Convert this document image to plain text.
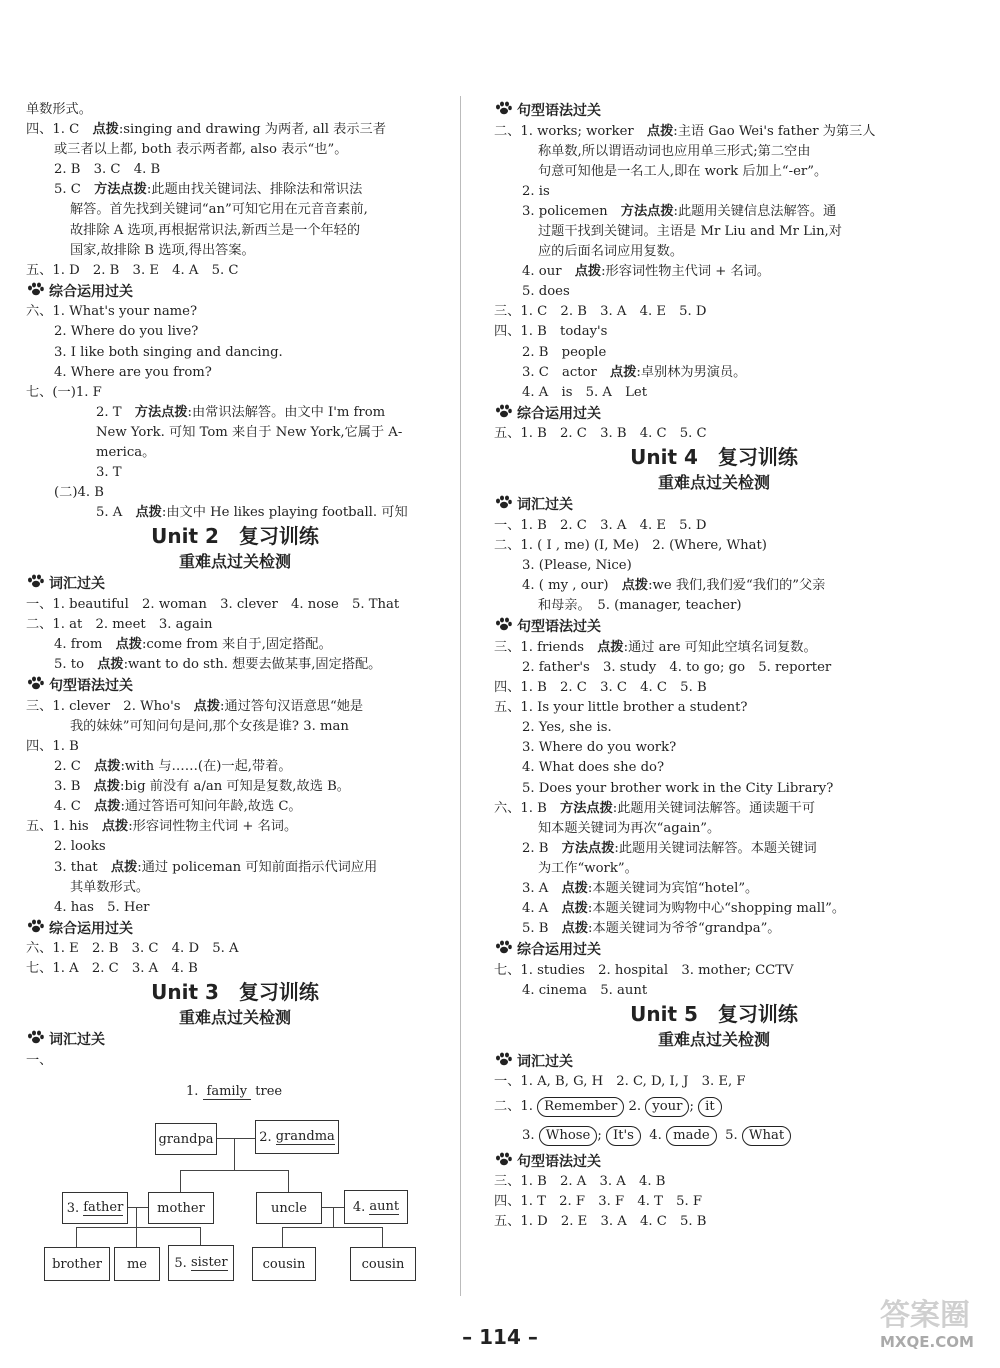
单数形式。
四、1. C　点拨:singing and drawing 为两者, all 表示三者
或三者以上都, both 表示两者都, also 表示“也”。
2. B　3. C　4. B
5. C　方法点拨:此题由找关键词法、排除法和常识法
解答。首先找到关键词“an”可知它用在元音音素前,
故排除 A 选项,再根据常识法,新西兰是一个年轻的
国家,故排除 B 选项,得出答案。
五、1. D　2. B　3. E　4. A　5. C
综合运用过关
六、1. What's your name?
2. Where do you live?
3. I like both singing and dancing.
4. Where are you from?
七、(一)1. F
2. T　方法点拨:由常识法解答。由文中 I'm from
New York. 可知 Tom 来自于 New York,它属于 A-
merica。
3. T
(二)4. B
5. A　点拨:由文中 He likes playing football. 可知
Unit 2　复习训练
重难点过关检测
词汇过关
一、1. beautiful　2. woman　3. clever　4. nose　5. That
二、1. at　2. meet　3. again
4. from　点拨:come from 来自于,固定搭配。
5. to　点拨:want to do sth. 想要去做某事,固定搭配。
句型语法过关
三、1. clever　2. Who's　点拨:通过答句汉语意思“她是
我的妹妹”可知问句是问,那个女孩是谁? 3. man
四、1. B
2. C　点拨:with 与……(在)一起,带着。
3. B　点拨:big 前没有 a/an 可知是复数,故选 B。
4. C　点拨:通过答语可知问年龄,故选 C。
五、1. his　点拨:形容词性物主代词 + 名词。
2. looks
3. that　点拨:通过 policeman 可知前面指示代词应用
其单数形式。
4. has　5. Her
综合运用过关
六、1. E　2. B　3. C　4. D　5. A
七、1. A　2. C　3. A　4. B
Unit 3　复习训练
重难点过关检测
词汇过关
一、
1. family tree
grandpa	2.
grandma
3.
father	mother	uncle	4.
aunt
brother me 5.
sister	cousin	cousin
句型语法过关
二、1. works; worker　点拨:主语 Gao Wei's father 为第三人
称单数,所以谓语动词也应用单三形式;第二空由
句意可知他是一名工人,即在 work 后加上“-er”。
2. is
3. policemen　方法点拨:此题用关键信息法解答。通
过题干找到关键词。主语是 Mr Liu and Mr Lin,对
应的后面名词应用复数。
4. our　点拨:形容词性物主代词 + 名词。
5. does
三、1. C　2. B　3. A　4. E　5. D
四、1. B　today's
2. B　people
3. C　actor　点拨:卓别林为男演员。
4. A　is　5. A　Let
综合运用过关
五、1. B　2. C　3. B　4. C　5. C
Unit 4　复习训练
重难点过关检测
词汇过关
一、1. B　2. C　3. A　4. E　5. D
二、1. ( I , me) (I, Me)　2. (Where, What)
3. (Please, Nice)
4. ( my , our)　点拨:we 我们,我们爱“我们的”父亲
和母亲。　5. (manager, teacher)
句型语法过关
三、1. friends　点拨:通过 are 可知此空填名词复数。
2. father's　3. study　4. to go; go　5. reporter
四、1. B　2. C　3. C　4. C　5. B
五、1. Is your little brother a student?
2. Yes, she is.
3. Where do you work?
4. What does she do?
5. Does your brother work in the City Library?
六、1. B　方法点拨:此题用关键词法解答。通读题干可
知本题关键词为再次“again”。
2. B　方法点拨:此题用关键词法解答。本题关键词
为工作“work”。
3. A　点拨:本题关键词为宾馆“hotel”。
4. A　点拨:本题关键词为购物中心“shopping mall”。
5. B　点拨:本题关键词为爷爷“grandpa”。
综合运用过关
七、1. studies　2. hospital　3. mother; CCTV
4. cinema　5. aunt
Unit 5　复习训练
重难点过关检测
词汇过关
一、1. A, B, G, H　2. C, D, I, J　3. E, F
二、1. Remember 2. your ; it
3. Whose ; It's 4. made 5. What
句型语法过关
三、1. B　2. A　3. A　4. B
四、1. T　2. F　3. F　4. T　5. F
五、1. D　2. E　3. A　4. C　5. B
– 114 –
答案圈
MXQE.COM
